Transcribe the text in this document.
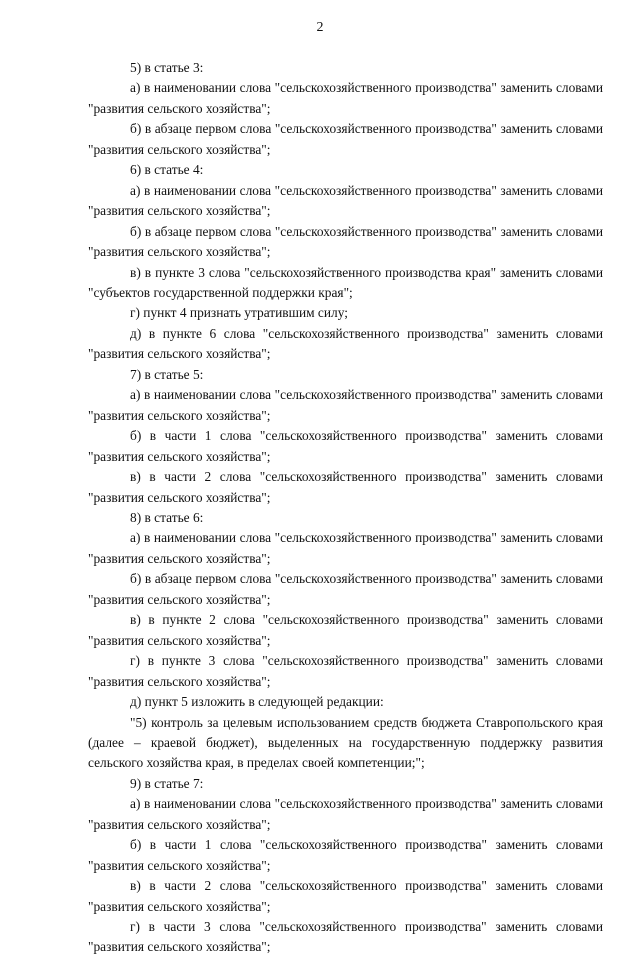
2

5) в статье 3:

а) в наименовании слова "сельскохозяйственного производства" заменить словами "развития сельского хозяйства";

б) в абзаце первом слова "сельскохозяйственного производства" заменить словами "развития сельского хозяйства";

6) в статье 4:

а) в наименовании слова "сельскохозяйственного производства" заменить словами "развития сельского хозяйства";

б) в абзаце первом слова "сельскохозяйственного производства" заменить словами "развития сельского хозяйства";

в) в пункте 3 слова "сельскохозяйственного производства края" заменить словами "субъектов государственной поддержки края";

г) пункт 4 признать утратившим силу;

д) в пункте 6 слова "сельскохозяйственного производства" заменить словами "развития сельского хозяйства";

7) в статье 5:

а) в наименовании слова "сельскохозяйственного производства" заменить словами "развития сельского хозяйства";

б) в части 1 слова "сельскохозяйственного производства" заменить словами "развития сельского хозяйства";

в) в части 2 слова "сельскохозяйственного производства" заменить словами "развития сельского хозяйства";

8) в статье 6:

а) в наименовании слова "сельскохозяйственного производства" заменить словами "развития сельского хозяйства";

б) в абзаце первом слова "сельскохозяйственного производства" заменить словами "развития сельского хозяйства";

в) в пункте 2 слова "сельскохозяйственного производства" заменить словами "развития сельского хозяйства";

г) в пункте 3 слова "сельскохозяйственного производства" заменить словами "развития сельского хозяйства";

д) пункт 5 изложить в следующей редакции:

"5) контроль за целевым использованием средств бюджета Ставропольского края (далее – краевой бюджет), выделенных на государственную поддержку развития сельского хозяйства края, в пределах своей компетенции;";

9) в статье 7:

а) в наименовании слова "сельскохозяйственного производства" заменить словами "развития сельского хозяйства";

б) в части 1 слова "сельскохозяйственного производства" заменить словами "развития сельского хозяйства";

в) в части 2 слова "сельскохозяйственного производства" заменить словами "развития сельского хозяйства";

г) в части 3 слова "сельскохозяйственного производства" заменить словами "развития сельского хозяйства";
